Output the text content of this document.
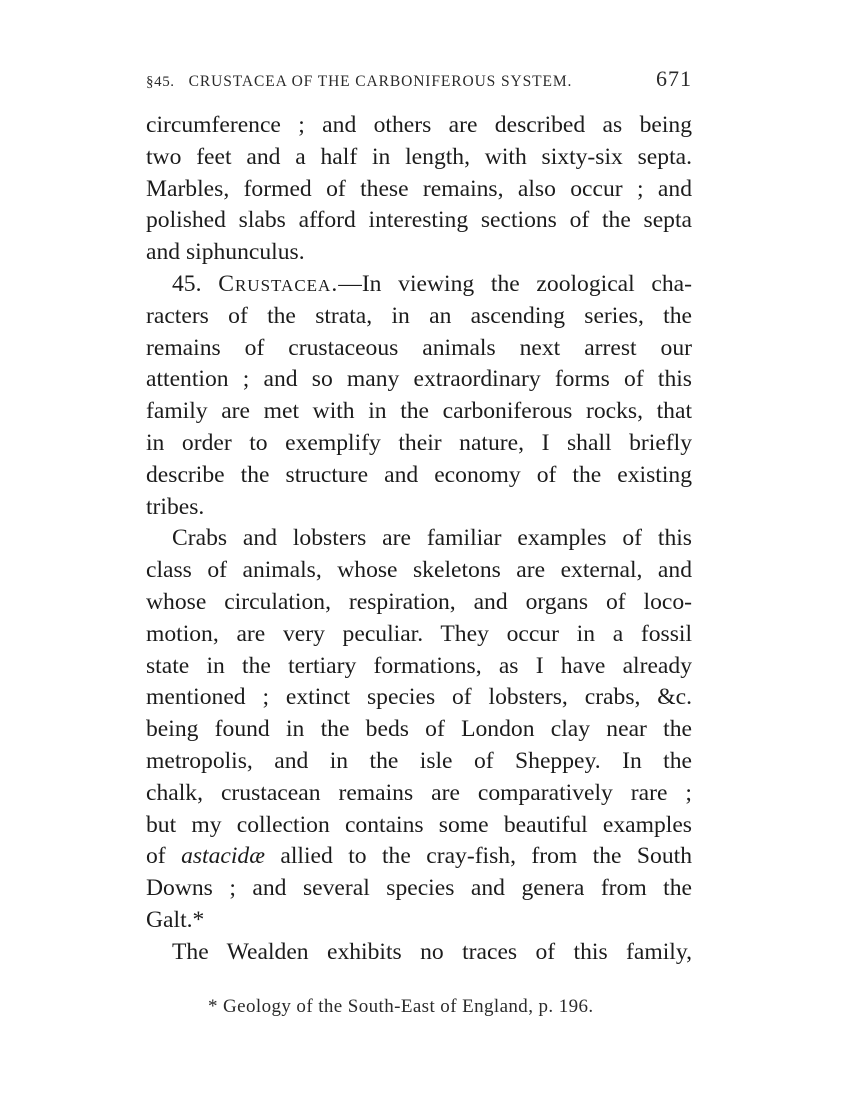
§45. CRUSTACEA OF THE CARBONIFEROUS SYSTEM.	671
circumference ; and others are described as being
two feet and a half in length, with sixty-six septa.
Marbles, formed of these remains, also occur ; and
polished slabs afford interesting sections of the septa
and siphunculus.
45. Crustacea.—In viewing the zoological cha-
racters of the strata, in an ascending series, the
remains of crustaceous animals next arrest our
attention ; and so many extraordinary forms of this
family are met with in the carboniferous rocks, that
in order to exemplify their nature, I shall briefly
describe the structure and economy of the existing
tribes.
Crabs and lobsters are familiar examples of this
class of animals, whose skeletons are external, and
whose circulation, respiration, and organs of loco-
motion, are very peculiar. They occur in a fossil
state in the tertiary formations, as I have already
mentioned ; extinct species of lobsters, crabs, &c.
being found in the beds of London clay near the
metropolis, and in the isle of Sheppey. In the
chalk, crustacean remains are comparatively rare ;
but my collection contains some beautiful examples
of astacidæ allied to the cray-fish, from the South
Downs ; and several species and genera from the
Galt.*
The Wealden exhibits no traces of this family,
* Geology of the South-East of England, p. 196.
